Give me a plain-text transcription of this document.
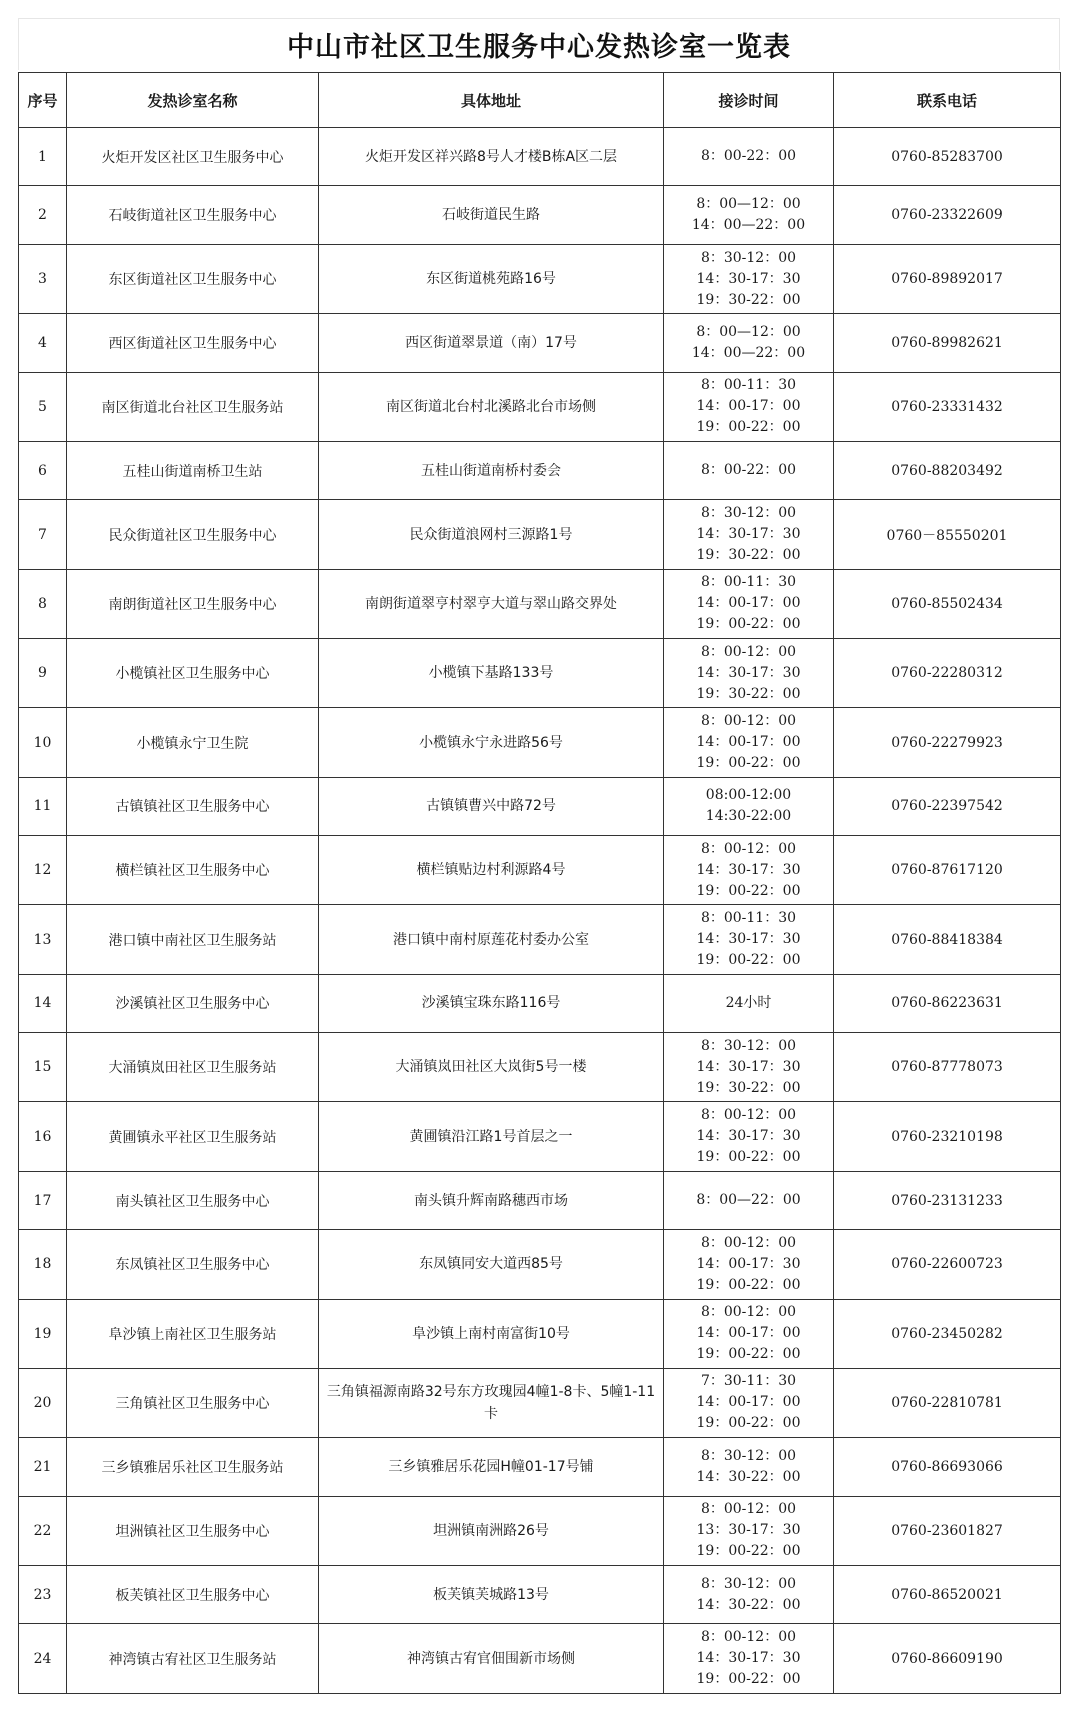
中山市社区卫生服务中心发热诊室一览表
序号	发热诊室名称	具体地址	接诊时间	联系电话
1	火炬开发区社区卫生服务中心	火炬开发区祥兴路8号人才楼B栋A区二层	8：00-22：00	0760-85283700
2	石岐街道社区卫生服务中心	石岐街道民生路	8：00—12：00
14：00—22：00	0760-23322609
3	东区街道社区卫生服务中心	东区街道桃苑路16号	8：30-12：00
14：30-17：30
19：30-22：00	0760-89892017
4	西区街道社区卫生服务中心	西区街道翠景道（南）17号	8：00—12：00
14：00—22：00	0760-89982621
5	南区街道北台社区卫生服务站	南区街道北台村北溪路北台市场侧	8：00-11：30
14：00-17：00
19：00-22：00	0760-23331432
6	五桂山街道南桥卫生站	五桂山街道南桥村委会	8：00-22：00	0760-88203492
7	民众街道社区卫生服务中心	民众街道浪网村三源路1号	8：30-12：00
14：30-17：30
19：30-22：00	0760－85550201
8	南朗街道社区卫生服务中心	南朗街道翠亨村翠亨大道与翠山路交界处	8：00-11：30
14：00-17：00
19：00-22：00	0760-85502434
9	小榄镇社区卫生服务中心	小榄镇下基路133号	8：00-12：00
14：30-17：30
19：30-22：00	0760-22280312
10	小榄镇永宁卫生院	小榄镇永宁永进路56号	8：00-12：00
14：00-17：00
19：00-22：00	0760-22279923
11	古镇镇社区卫生服务中心	古镇镇曹兴中路72号	08:00-12:00
14:30-22:00	0760-22397542
12	横栏镇社区卫生服务中心	横栏镇贴边村利源路4号	8：00-12：00
14：30-17：30
19：00-22：00	0760-87617120
13	港口镇中南社区卫生服务站	港口镇中南村原莲花村委办公室	8：00-11：30
14：30-17：30
19：00-22：00	0760-88418384
14	沙溪镇社区卫生服务中心	沙溪镇宝珠东路116号	24小时	0760-86223631
15	大涌镇岚田社区卫生服务站	大涌镇岚田社区大岚街5号一楼	8：30-12：00
14：30-17：30
19：30-22：00	0760-87778073
16	黄圃镇永平社区卫生服务站	黄圃镇沿江路1号首层之一	8：00-12：00
14：30-17：30
19：00-22：00	0760-23210198
17	南头镇社区卫生服务中心	南头镇升辉南路穗西市场	8：00—22：00	0760-23131233
18	东凤镇社区卫生服务中心	东凤镇同安大道西85号	8：00-12：00
14：00-17：30
19：00-22：00	0760-22600723
19	阜沙镇上南社区卫生服务站	阜沙镇上南村南富街10号	8：00-12：00
14：00-17：00
19：00-22：00	0760-23450282
20	三角镇社区卫生服务中心	三角镇福源南路32号东方玫瑰园4幢1-8卡、5幢1-11卡	7：30-11：30
14：00-17：00
19：00-22：00	0760-22810781
21	三乡镇雅居乐社区卫生服务站	三乡镇雅居乐花园H幢01-17号铺	8：30-12：00
14：30-22：00	0760-86693066
22	坦洲镇社区卫生服务中心	坦洲镇南洲路26号	8：00-12：00
13：30-17：30
19：00-22：00	0760-23601827
23	板芙镇社区卫生服务中心	板芙镇芙城路13号	8：30-12：00
14：30-22：00	0760-86520021
24	神湾镇古宥社区卫生服务站	神湾镇古宥官佃围新市场侧	8：00-12：00
14：30-17：30
19：00-22：00	0760-86609190
